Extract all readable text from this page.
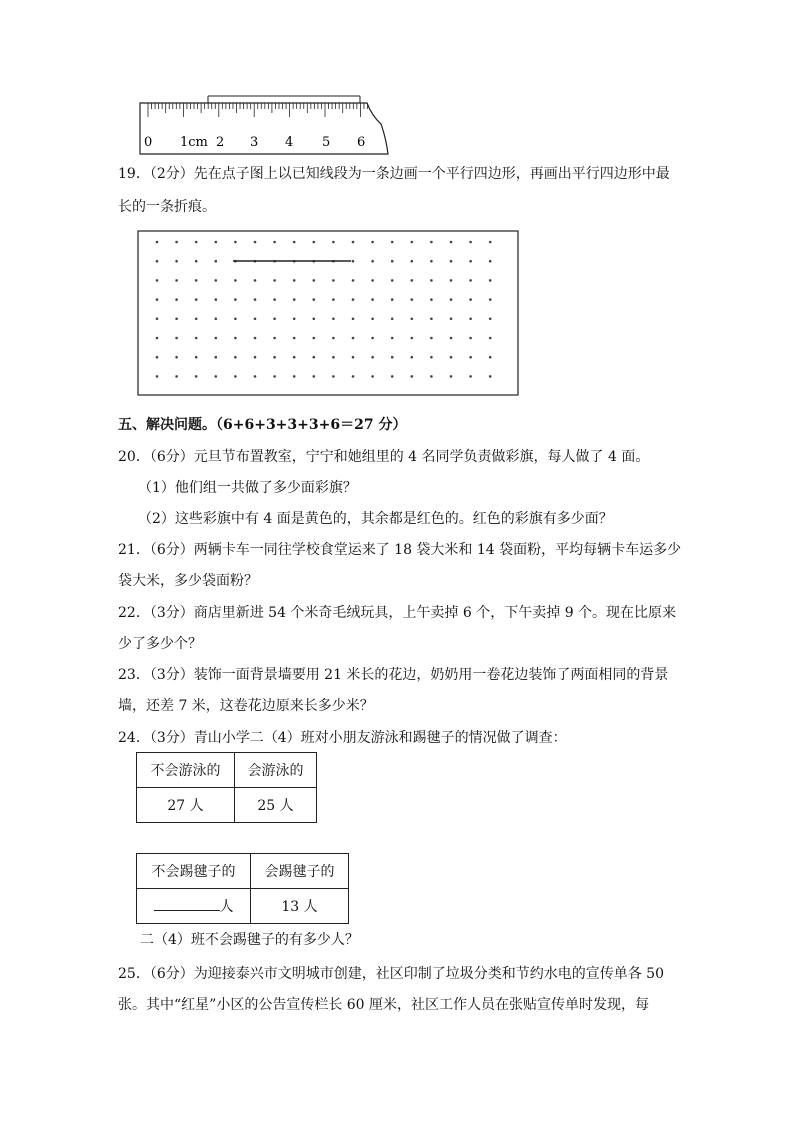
0 1cm 2 3 4 5 6
19．（2分）先在点子图上以已知线段为一条边画一个平行四边形，再画出平行四边形中最
长的一条折痕。
五、解决问题。（6+6+3+3+3+6＝27 分）
20．（6分）元旦节布置教室，宁宁和她组里的 4 名同学负责做彩旗，每人做了 4 面。
（1）他们组一共做了多少面彩旗？
（2）这些彩旗中有 4 面是黄色的，其余都是红色的。红色的彩旗有多少面？
21．（6分）两辆卡车一同往学校食堂运来了 18 袋大米和 14 袋面粉，平均每辆卡车运多少
袋大米，多少袋面粉？
22．（3分）商店里新进 54 个米奇毛绒玩具，上午卖掉 6 个，下午卖掉 9 个。现在比原来
少了多少个？
23．（3分）装饰一面背景墙要用 21 米长的花边，奶奶用一卷花边装饰了两面相同的背景
墙，还差 7 米，这卷花边原来长多少米？
24．（3分）青山小学二（4）班对小朋友游泳和踢毽子的情况做了调查：
不会游泳的	会游泳的
27 人	25 人
不会踢毽子的	会踢毽子的
人	13 人
二（4）班不会踢毽子的有多少人？
25．（6分）为迎接泰兴市文明城市创建，社区印制了垃圾分类和节约水电的宣传单各 50
张。其中“红星”小区的公告宣传栏长 60 厘米，社区工作人员在张贴宣传单时发现，每
